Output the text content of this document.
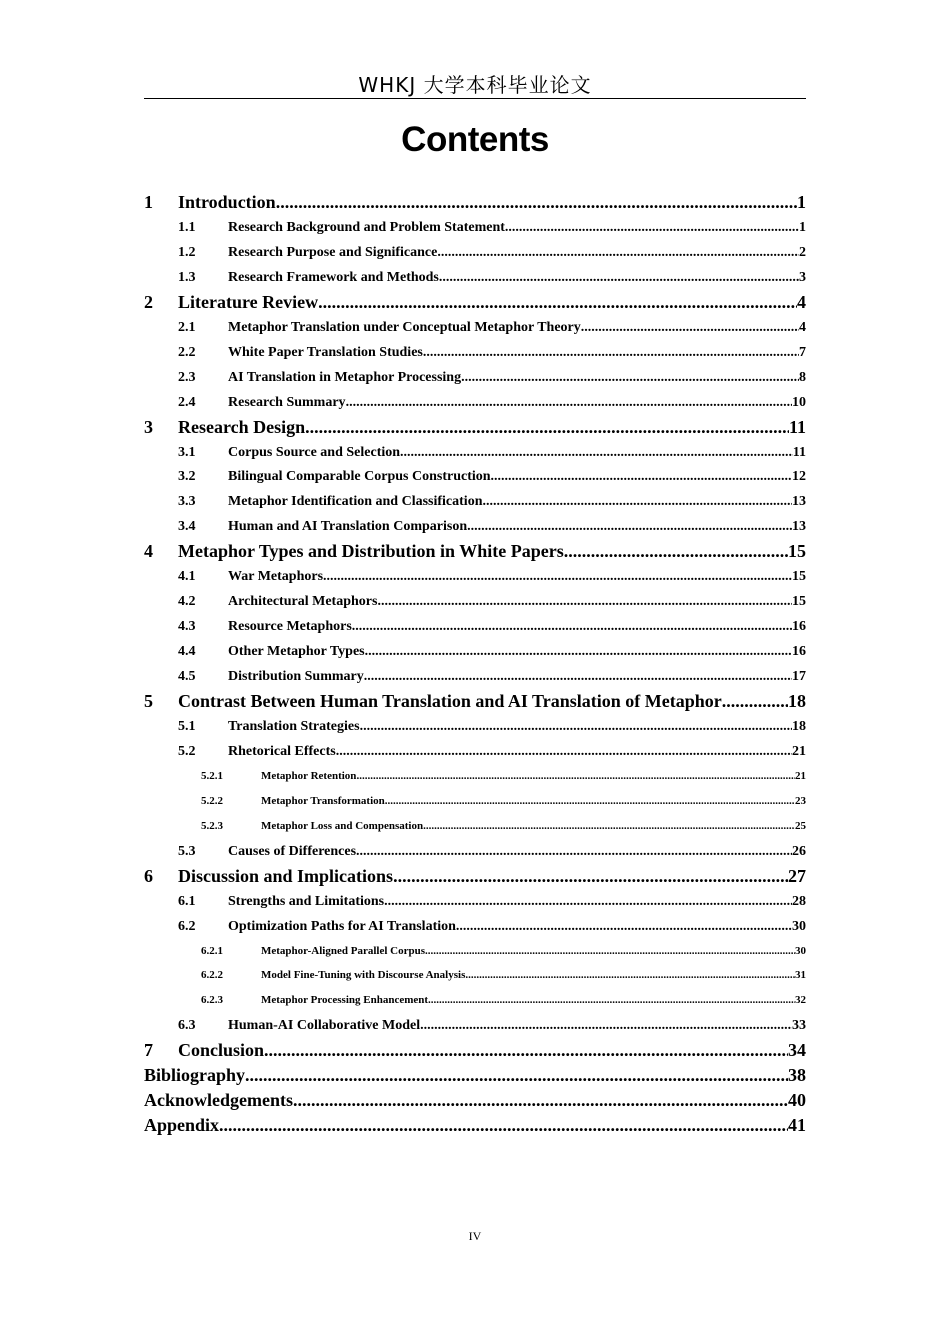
WHKJ 大学本科毕业论文
Contents
1	Introduction .....	1
1.1	Research Background and Problem Statement .....	1
1.2	Research Purpose and Significance .....	2
1.3	Research Framework and Methods .....	3
2	Literature Review .....	4
2.1	Metaphor Translation under Conceptual Metaphor Theory .....	4
2.2	White Paper Translation Studies .....	7
2.3	AI Translation in Metaphor Processing .....	8
2.4	Research Summary .....	10
3	Research Design .....	11
3.1	Corpus Source and Selection .....	11
3.2	Bilingual Comparable Corpus Construction .....	12
3.3	Metaphor Identification and Classification .....	13
3.4	Human and AI Translation Comparison .....	13
4	Metaphor Types and Distribution in White Papers .....	15
4.1	War Metaphors .....	15
4.2	Architectural Metaphors .....	15
4.3	Resource Metaphors .....	16
4.4	Other Metaphor Types .....	16
4.5	Distribution Summary .....	17
5	Contrast Between Human Translation and AI Translation of Metaphor .....	18
5.1	Translation Strategies .....	18
5.2	Rhetorical Effects .....	21
5.2.1	Metaphor Retention .....	21
5.2.2	Metaphor Transformation .....	23
5.2.3	Metaphor Loss and Compensation .....	25
5.3	Causes of Differences .....	26
6	Discussion and Implications .....	27
6.1	Strengths and Limitations .....	28
6.2	Optimization Paths for AI Translation .....	30
6.2.1	Metaphor-Aligned Parallel Corpus .....	30
6.2.2	Model Fine-Tuning with Discourse Analysis .....	31
6.2.3	Metaphor Processing Enhancement .....	32
6.3	Human-AI Collaborative Model .....	33
7	Conclusion .....	34
Bibliography .....	38
Acknowledgements .....	40
Appendix .....	41
IV
